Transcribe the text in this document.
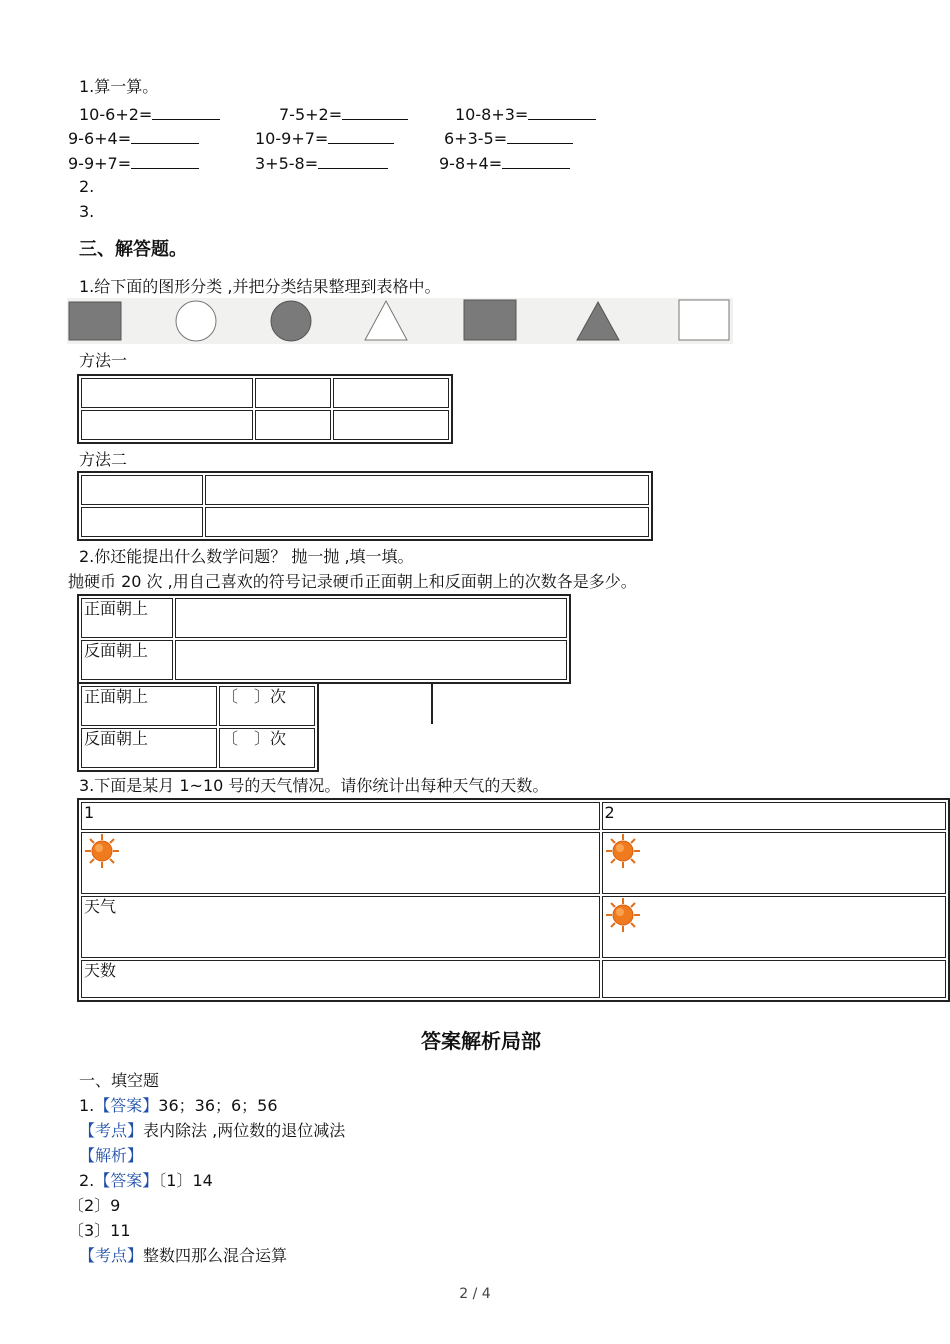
1.算一算。
10-6+2=	7-5+2=	10-8+3=
9-6+4=	10-9+7=	6+3-5=
9-9+7=	3+5-8=	9-8+4=
2.
3.
三、解答题。
1.给下面的图形分类 ,并把分类结果整理到表格中。
方法一

方法二

2.你还能提出什么数学问题？ 抛一抛 ,填一填。
抛硬币 20 次 ,用自己喜欢的符号记录硬币正面朝上和反面朝上的次数各是多少。
正面朝上	
反面朝上	
正面朝上	〔　〕次
反面朝上	〔　〕次
3.下面是某月 1~10 号的天气情况。请你统计出每种天气的天数。
1	2

天气	
天数	
答案解析局部
一、填空题
1.【答案】36；36；6；56
【考点】表内除法 ,两位数的退位减法
【解析】
2.【答案】〔1〕14
〔2〕9
〔3〕11
【考点】整数四那么混合运算
2 / 4
